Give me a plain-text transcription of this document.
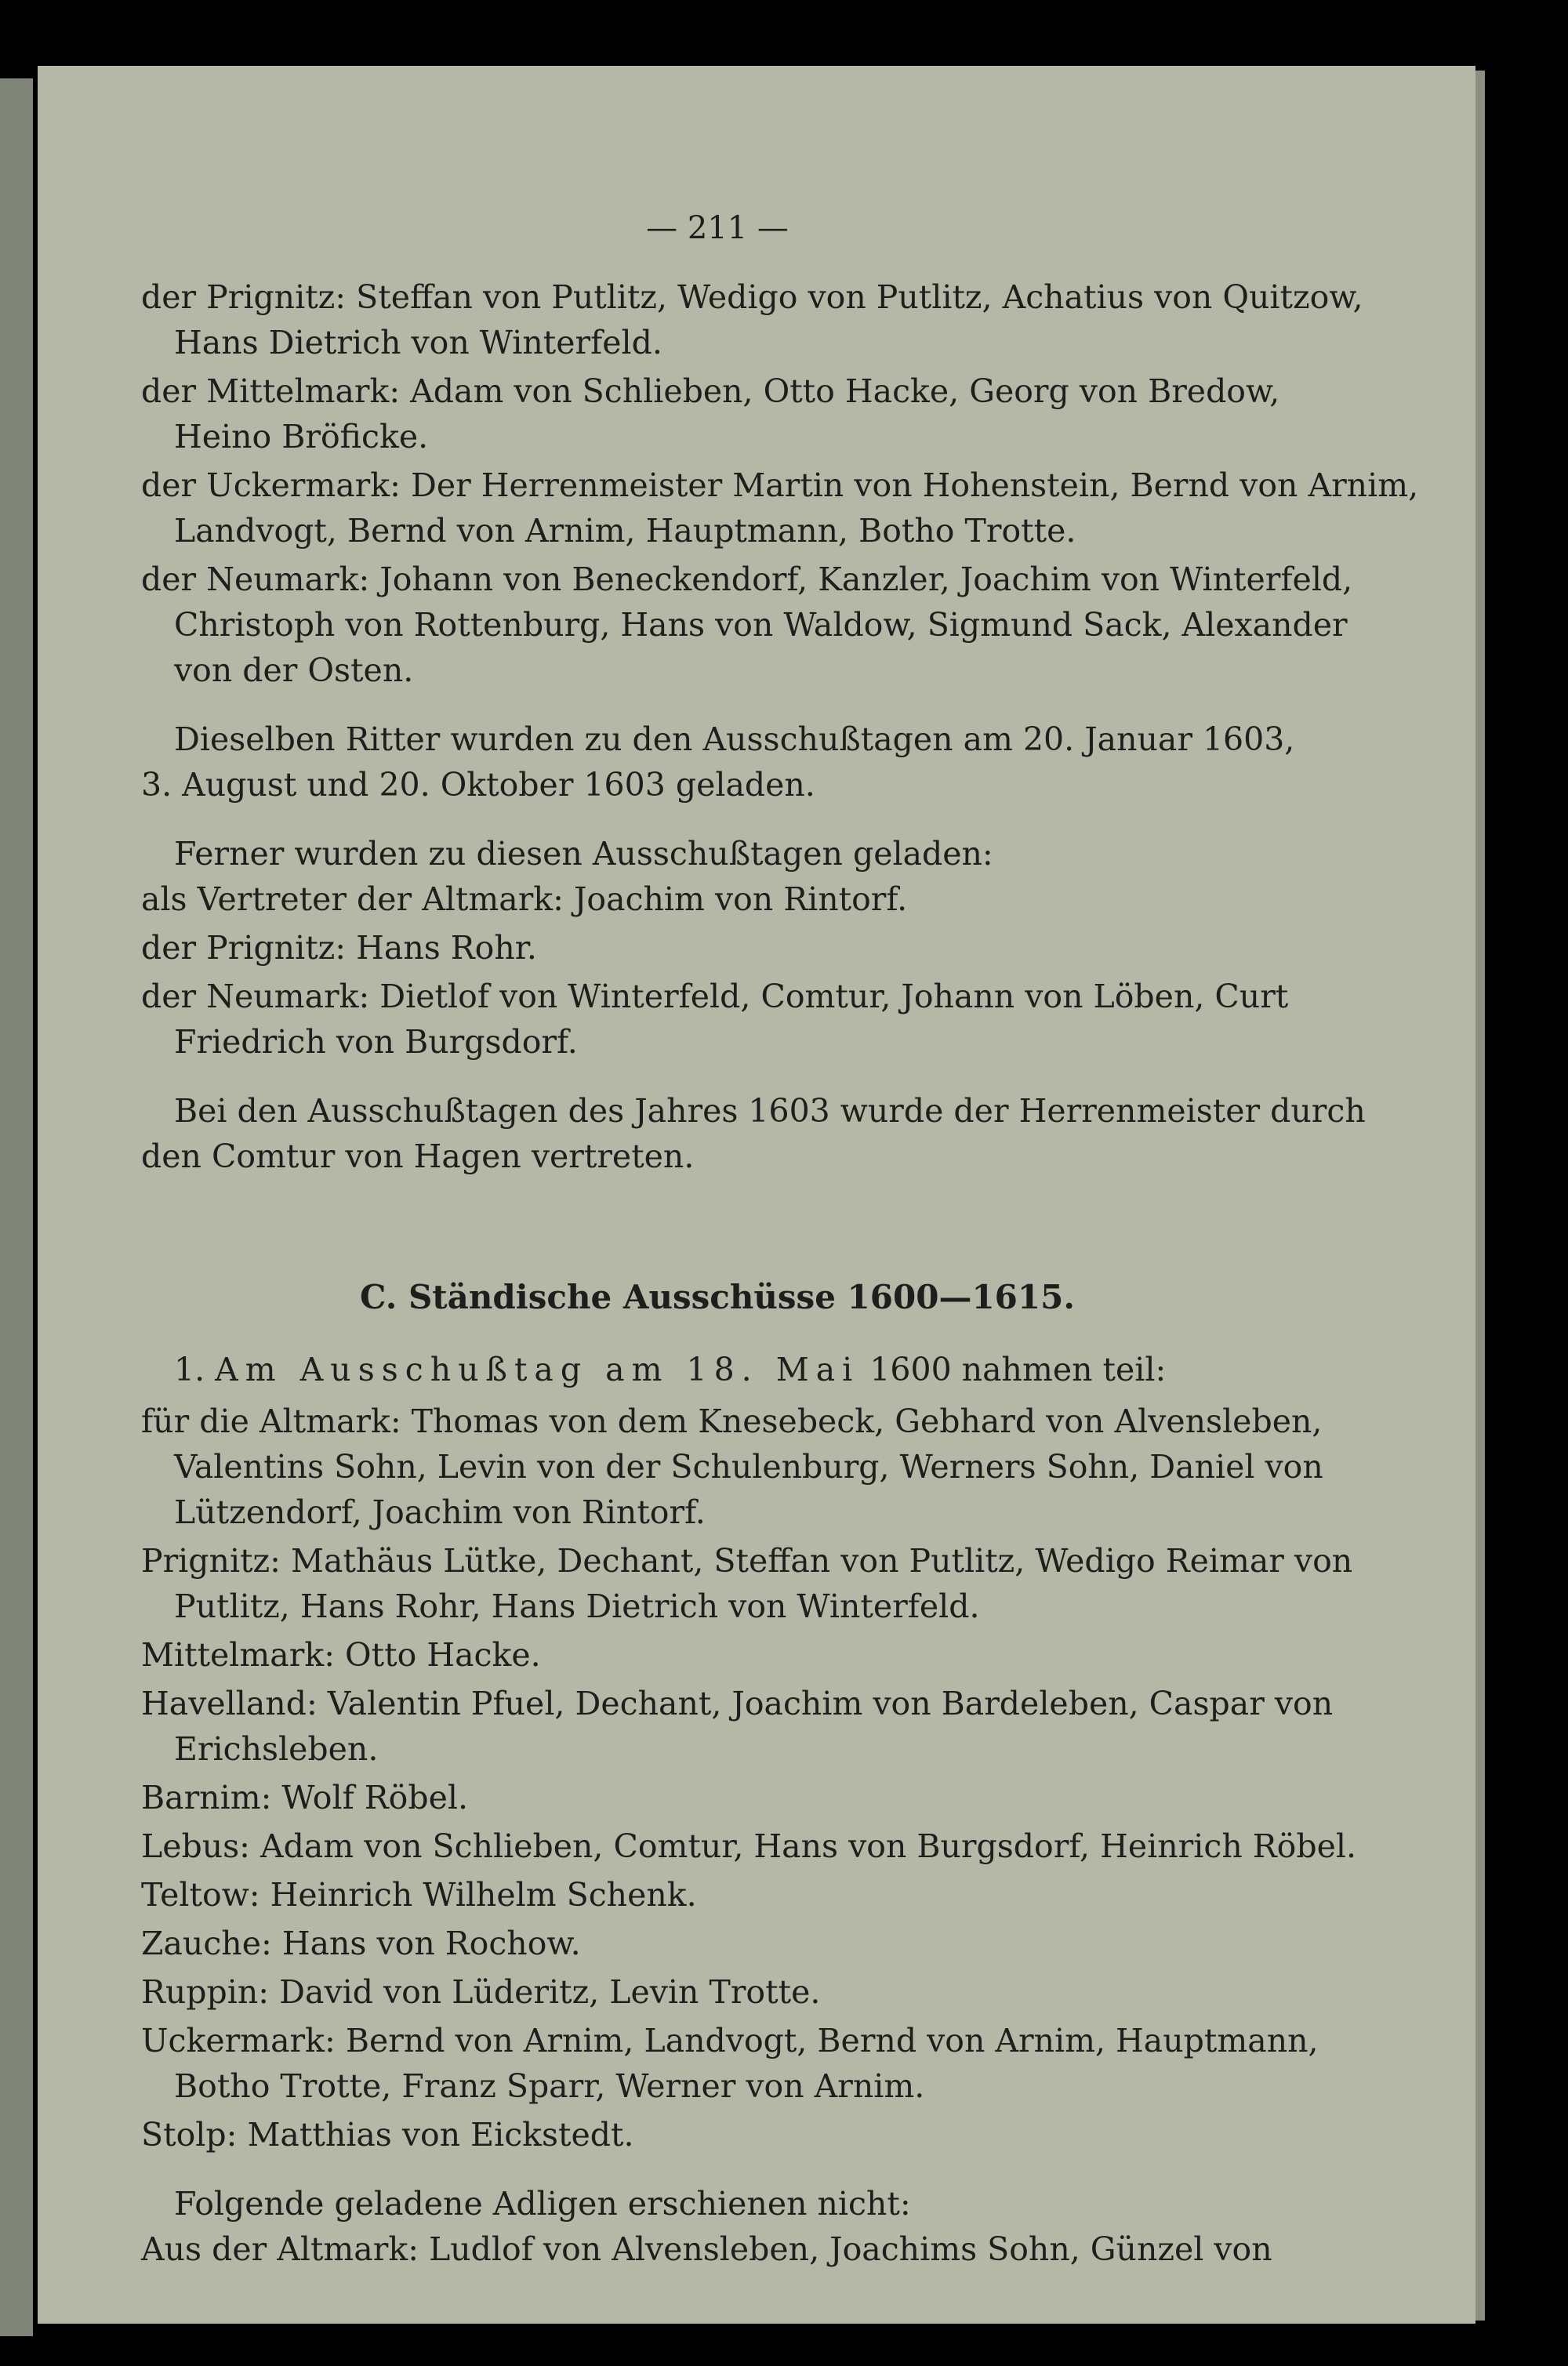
— 211 —
der Prignitz: Steffan von Putlitz, Wedigo von Putlitz, Achatius von Quitzow,
Hans Dietrich von Winterfeld.
der Mittelmark: Adam von Schlieben, Otto Hacke, Georg von Bredow,
Heino Bröficke.
der Uckermark: Der Herrenmeister Martin von Hohenstein, Bernd von Arnim,
Landvogt, Bernd von Arnim, Hauptmann, Botho Trotte.
der Neumark: Johann von Beneckendorf, Kanzler, Joachim von Winterfeld,
Christoph von Rottenburg, Hans von Waldow, Sigmund Sack, Alexander
von der Osten.
Dieselben Ritter wurden zu den Ausschußtagen am 20. Januar 1603,
3. August und 20. Oktober 1603 geladen.
Ferner wurden zu diesen Ausschußtagen geladen:
als Vertreter der Altmark: Joachim von Rintorf.
der Prignitz: Hans Rohr.
der Neumark: Dietlof von Winterfeld, Comtur, Johann von Löben, Curt
Friedrich von Burgsdorf.
Bei den Ausschußtagen des Jahres 1603 wurde der Herrenmeister durch
den Comtur von Hagen vertreten.
C. Ständische Ausschüsse 1600—1615.
1. Am Ausschußtag am 18. Mai 1600 nahmen teil:
für die Altmark: Thomas von dem Knesebeck, Gebhard von Alvensleben,
Valentins Sohn, Levin von der Schulenburg, Werners Sohn, Daniel von
Lützendorf, Joachim von Rintorf.
Prignitz: Mathäus Lütke, Dechant, Steffan von Putlitz, Wedigo Reimar von
Putlitz, Hans Rohr, Hans Dietrich von Winterfeld.
Mittelmark: Otto Hacke.
Havelland: Valentin Pfuel, Dechant, Joachim von Bardeleben, Caspar von
Erichsleben.
Barnim: Wolf Röbel.
Lebus: Adam von Schlieben, Comtur, Hans von Burgsdorf, Heinrich Röbel.
Teltow: Heinrich Wilhelm Schenk.
Zauche: Hans von Rochow.
Ruppin: David von Lüderitz, Levin Trotte.
Uckermark: Bernd von Arnim, Landvogt, Bernd von Arnim, Hauptmann,
Botho Trotte, Franz Sparr, Werner von Arnim.
Stolp: Matthias von Eickstedt.
Folgende geladene Adligen erschienen nicht:
Aus der Altmark: Ludlof von Alvensleben, Joachims Sohn, Günzel von
